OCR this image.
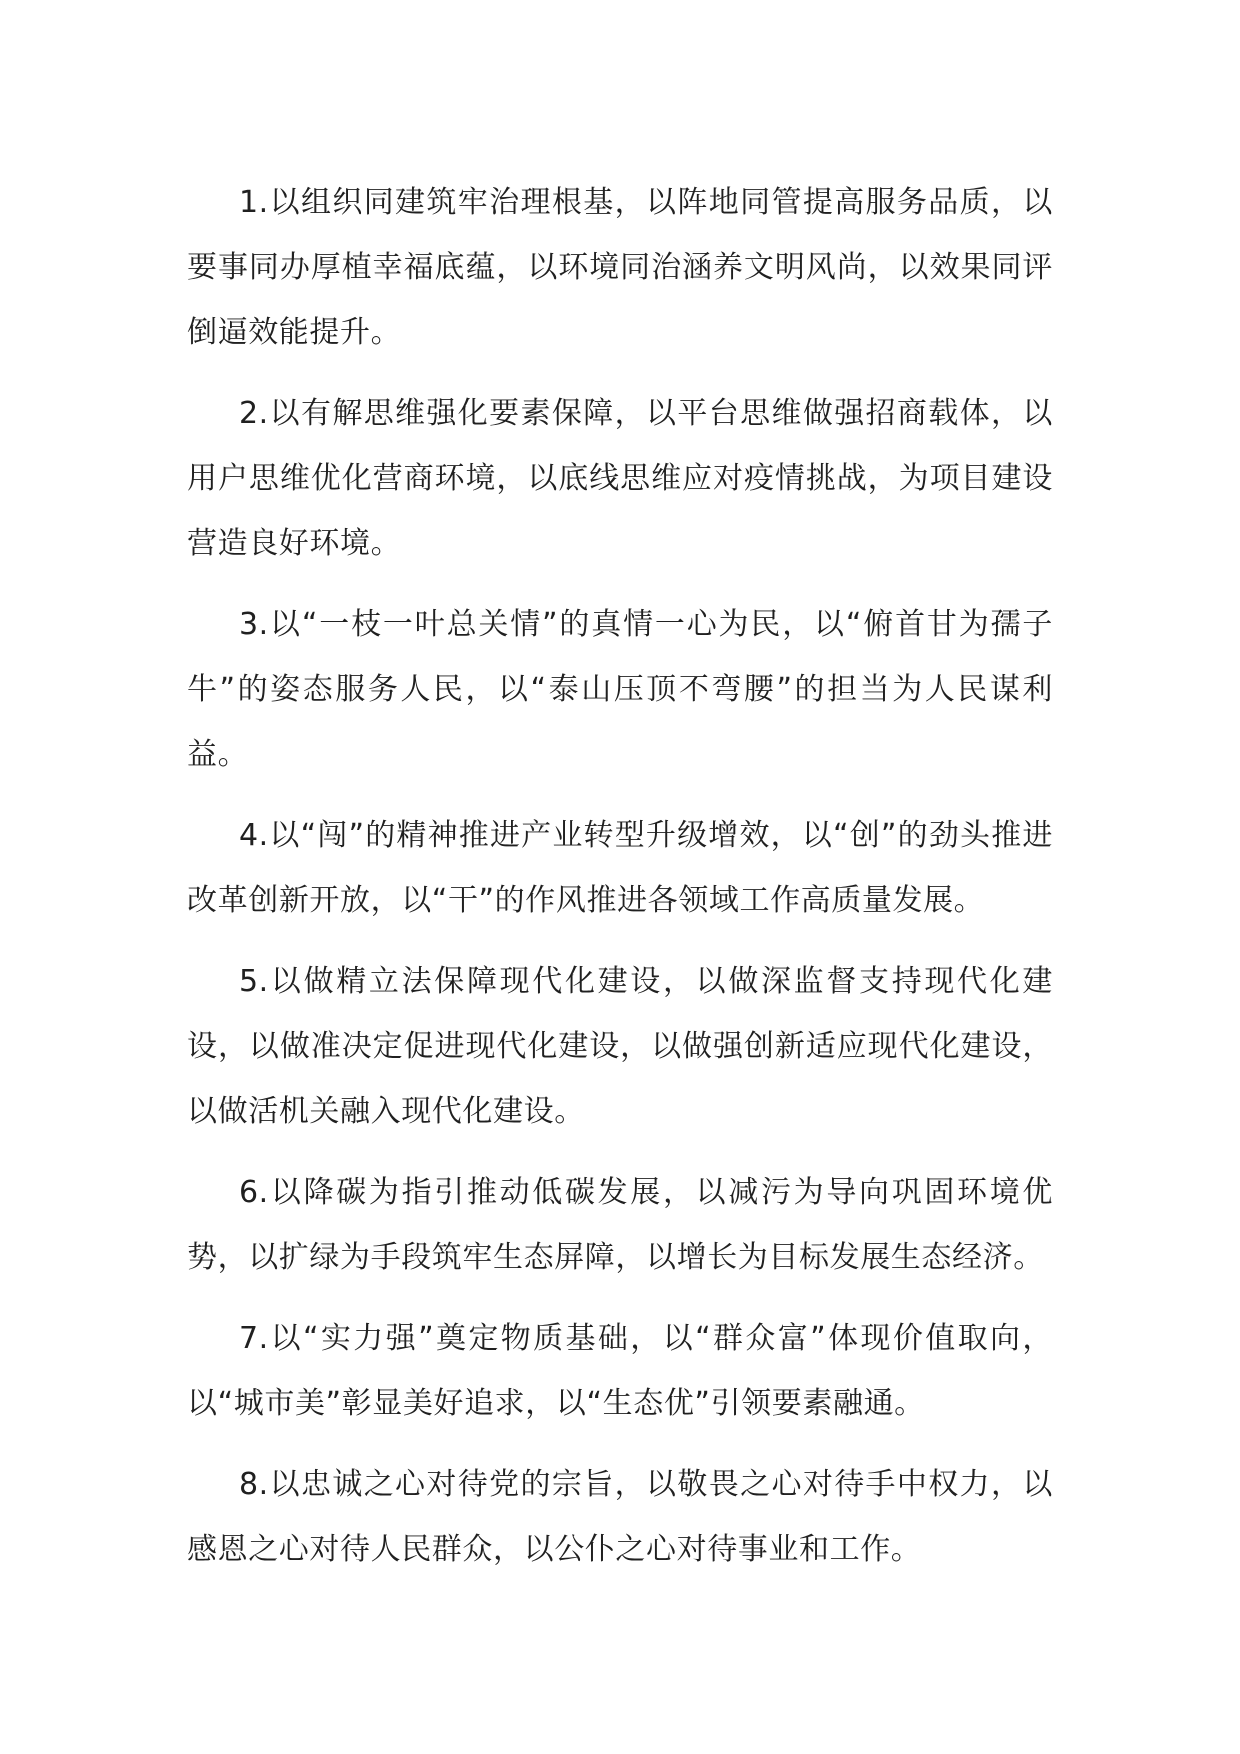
1.以组织同建筑牢治理根基，以阵地同管提高服务品质，以要事同办厚植幸福底蕴，以环境同治涵养文明风尚，以效果同评倒逼效能提升。

2.以有解思维强化要素保障，以平台思维做强招商载体，以用户思维优化营商环境，以底线思维应对疫情挑战，为项目建设营造良好环境。

3.以“一枝一叶总关情”的真情一心为民，以“俯首甘为孺子牛”的姿态服务人民，以“泰山压顶不弯腰”的担当为人民谋利益。

4.以“闯”的精神推进产业转型升级增效，以“创”的劲头推进改革创新开放，以“干”的作风推进各领域工作高质量发展。

5.以做精立法保障现代化建设，以做深监督支持现代化建设，以做准决定促进现代化建设，以做强创新适应现代化建设，以做活机关融入现代化建设。

6.以降碳为指引推动低碳发展，以减污为导向巩固环境优势，以扩绿为手段筑牢生态屏障，以增长为目标发展生态经济。

7.以“实力强”奠定物质基础，以“群众富”体现价值取向，以“城市美”彰显美好追求，以“生态优”引领要素融通。

8.以忠诚之心对待党的宗旨，以敬畏之心对待手中权力，以感恩之心对待人民群众，以公仆之心对待事业和工作。
